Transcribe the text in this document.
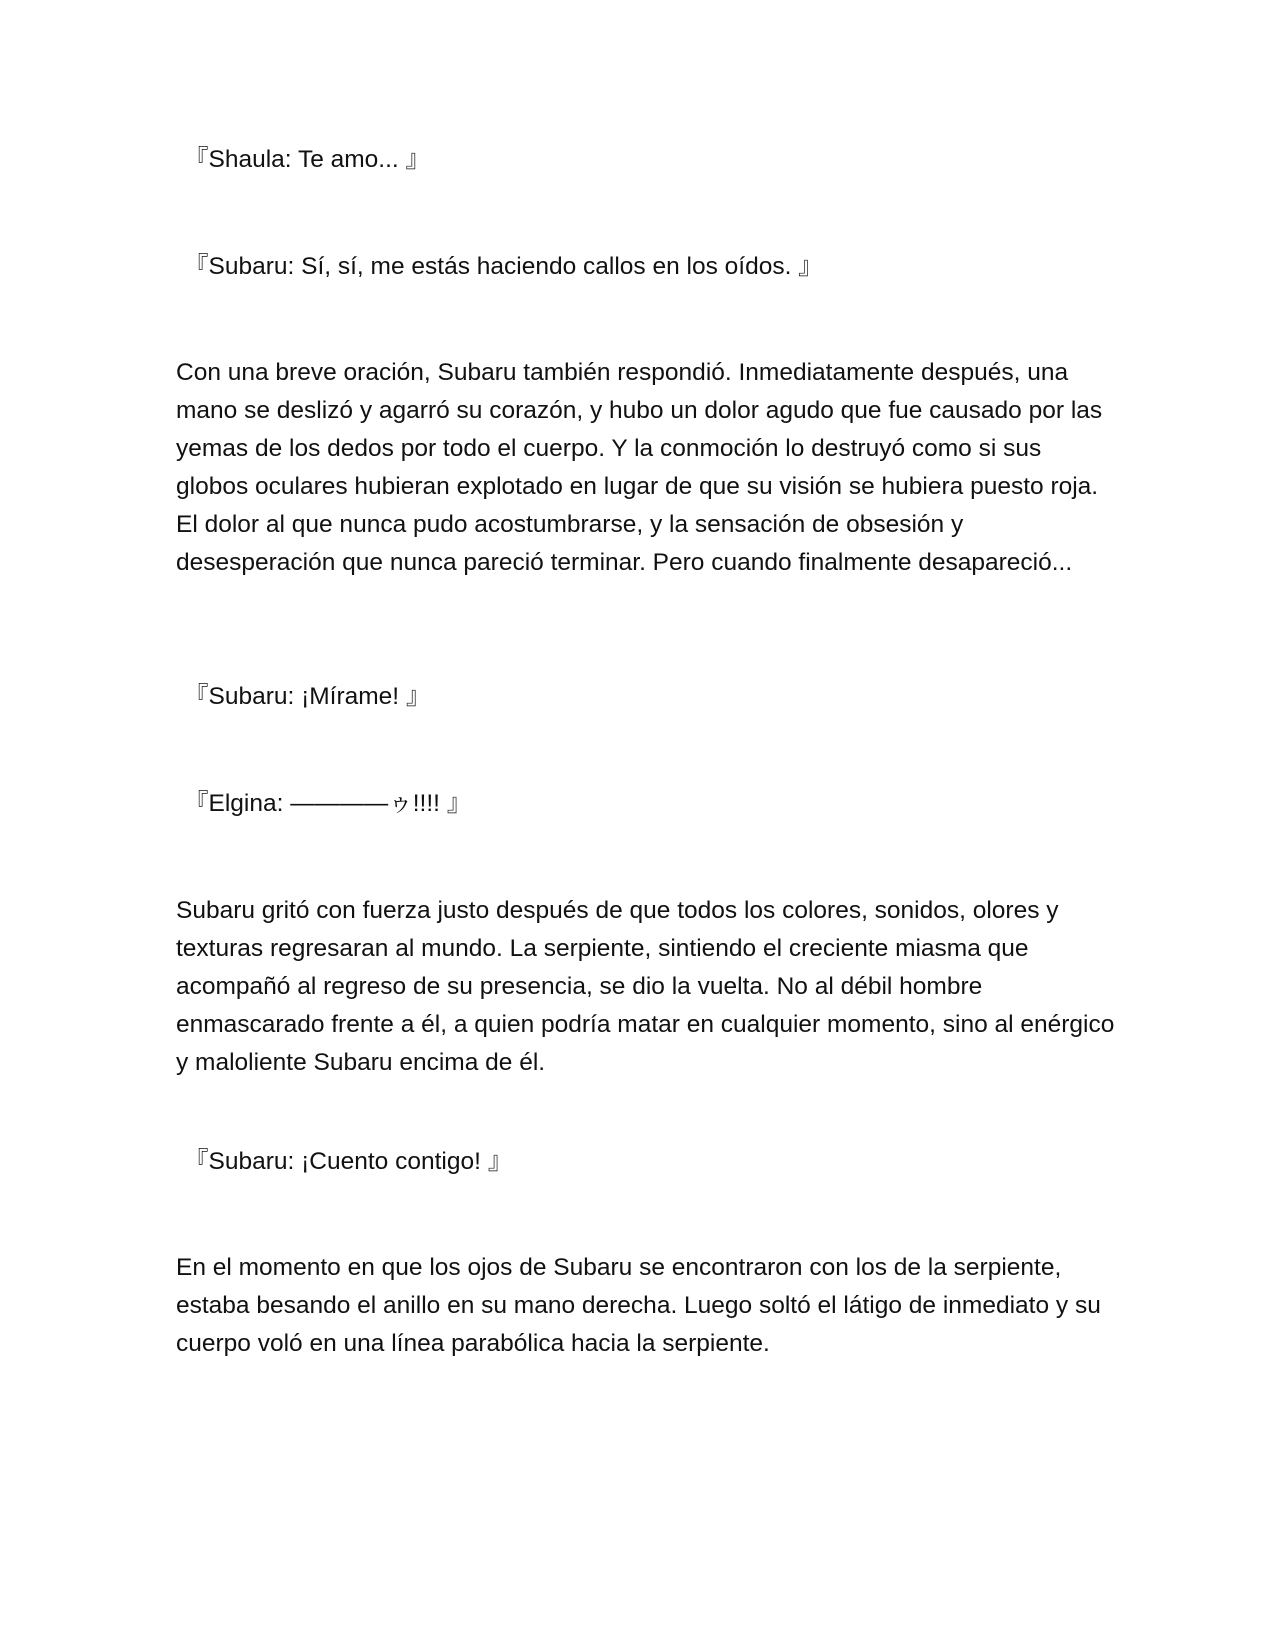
『Shaula: Te amo... 』

『Subaru: Sí, sí, me estás haciendo callos en los oídos. 』

Con una breve oración, Subaru también respondió. Inmediatamente después, una mano se deslizó y agarró su corazón, y hubo un dolor agudo que fue causado por las yemas de los dedos por todo el cuerpo. Y la conmoción lo destruyó como si sus globos oculares hubieran explotado en lugar de que su visión se hubiera puesto roja. El dolor al que nunca pudo acostumbrarse, y la sensación de obsesión y desesperación que nunca pareció terminar. Pero cuando finalmente desapareció...

『Subaru: ¡Mírame! 』

『Elgina: ————ゥ!!!! 』

Subaru gritó con fuerza justo después de que todos los colores, sonidos, olores y texturas regresaran al mundo. La serpiente, sintiendo el creciente miasma que acompañó al regreso de su presencia, se dio la vuelta. No al débil hombre enmascarado frente a él, a quien podría matar en cualquier momento, sino al enérgico y maloliente Subaru encima de él.

『Subaru: ¡Cuento contigo! 』

En el momento en que los ojos de Subaru se encontraron con los de la serpiente, estaba besando el anillo en su mano derecha. Luego soltó el látigo de inmediato y su cuerpo voló en una línea parabólica hacia la serpiente.
